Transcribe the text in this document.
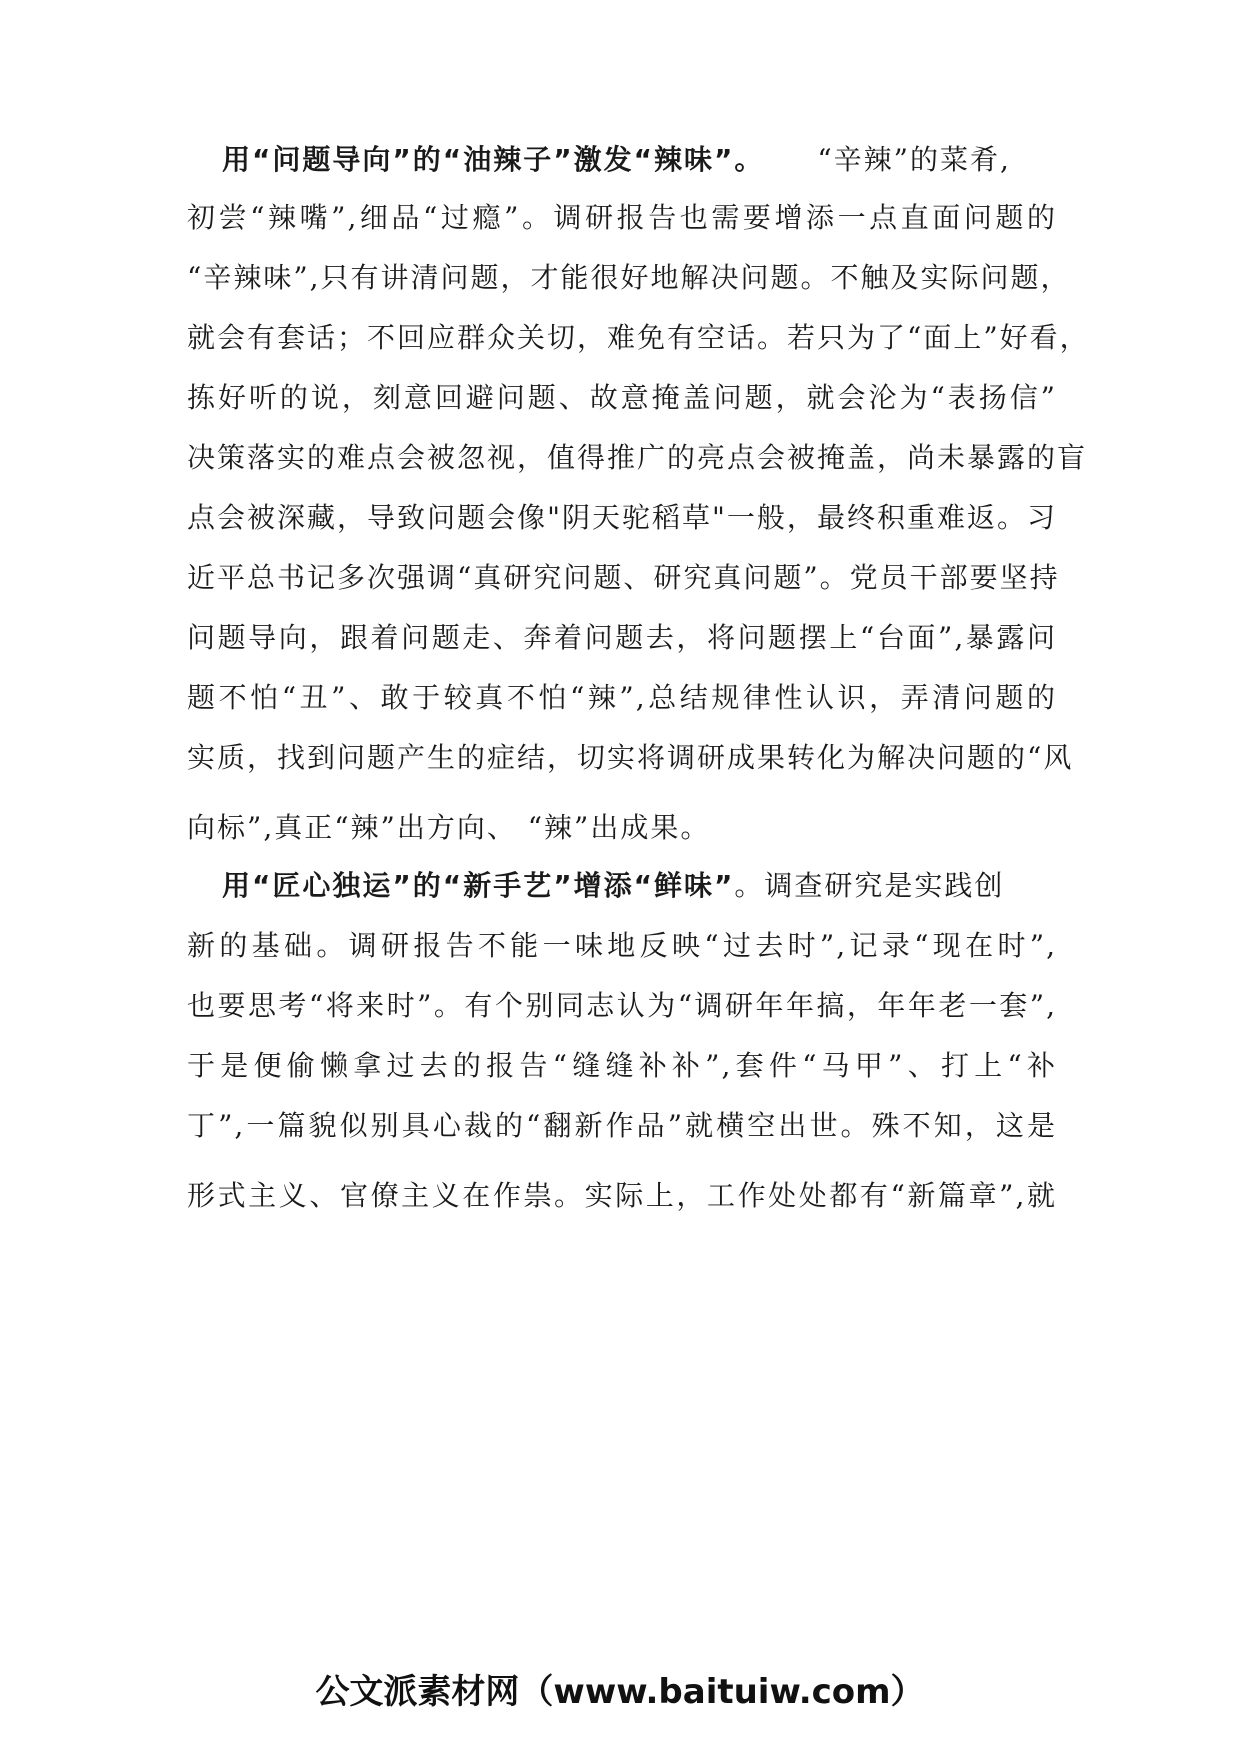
用“问题导向”的“油辣子”激发“辣味”。 “辛辣”的菜肴,
初尝“辣嘴”,细品“过瘾”。调研报告也需要增添一点直面问题的
“辛辣味”,只有讲清问题，才能很好地解决问题。不触及实际问题，
就会有套话；不回应群众关切，难免有空话。若只为了“面上”好看，
拣好听的说，刻意回避问题、故意掩盖问题，就会沦为“表扬信”
决策落实的难点会被忽视，值得推广的亮点会被掩盖，尚未暴露的盲
点会被深藏，导致问题会像"阴天驼稻草"一般，最终积重难返。习
近平总书记多次强调“真研究问题、研究真问题”。党员干部要坚持
问题导向，跟着问题走、奔着问题去，将问题摆上“台面”,暴露问
题不怕“丑”、敢于较真不怕“辣”,总结规律性认识，弄清问题的
实质，找到问题产生的症结，切实将调研成果转化为解决问题的“风
向标”,真正“辣”出方向、 “辣”出成果。
用“匠心独运”的“新手艺”增添“鲜味”。调查研究是实践创
新的基础。调研报告不能一味地反映“过去时”,记录“现在时”,
也要思考“将来时”。有个别同志认为“调研年年搞，年年老一套”,
于是便偷懒拿过去的报告“缝缝补补”,套件“马甲”、打上“补
丁”,一篇貌似别具心裁的“翻新作品”就横空出世。殊不知，这是
形式主义、官僚主义在作祟。实际上，工作处处都有“新篇章”,就
公文派素材网（www.baituiw.com）
